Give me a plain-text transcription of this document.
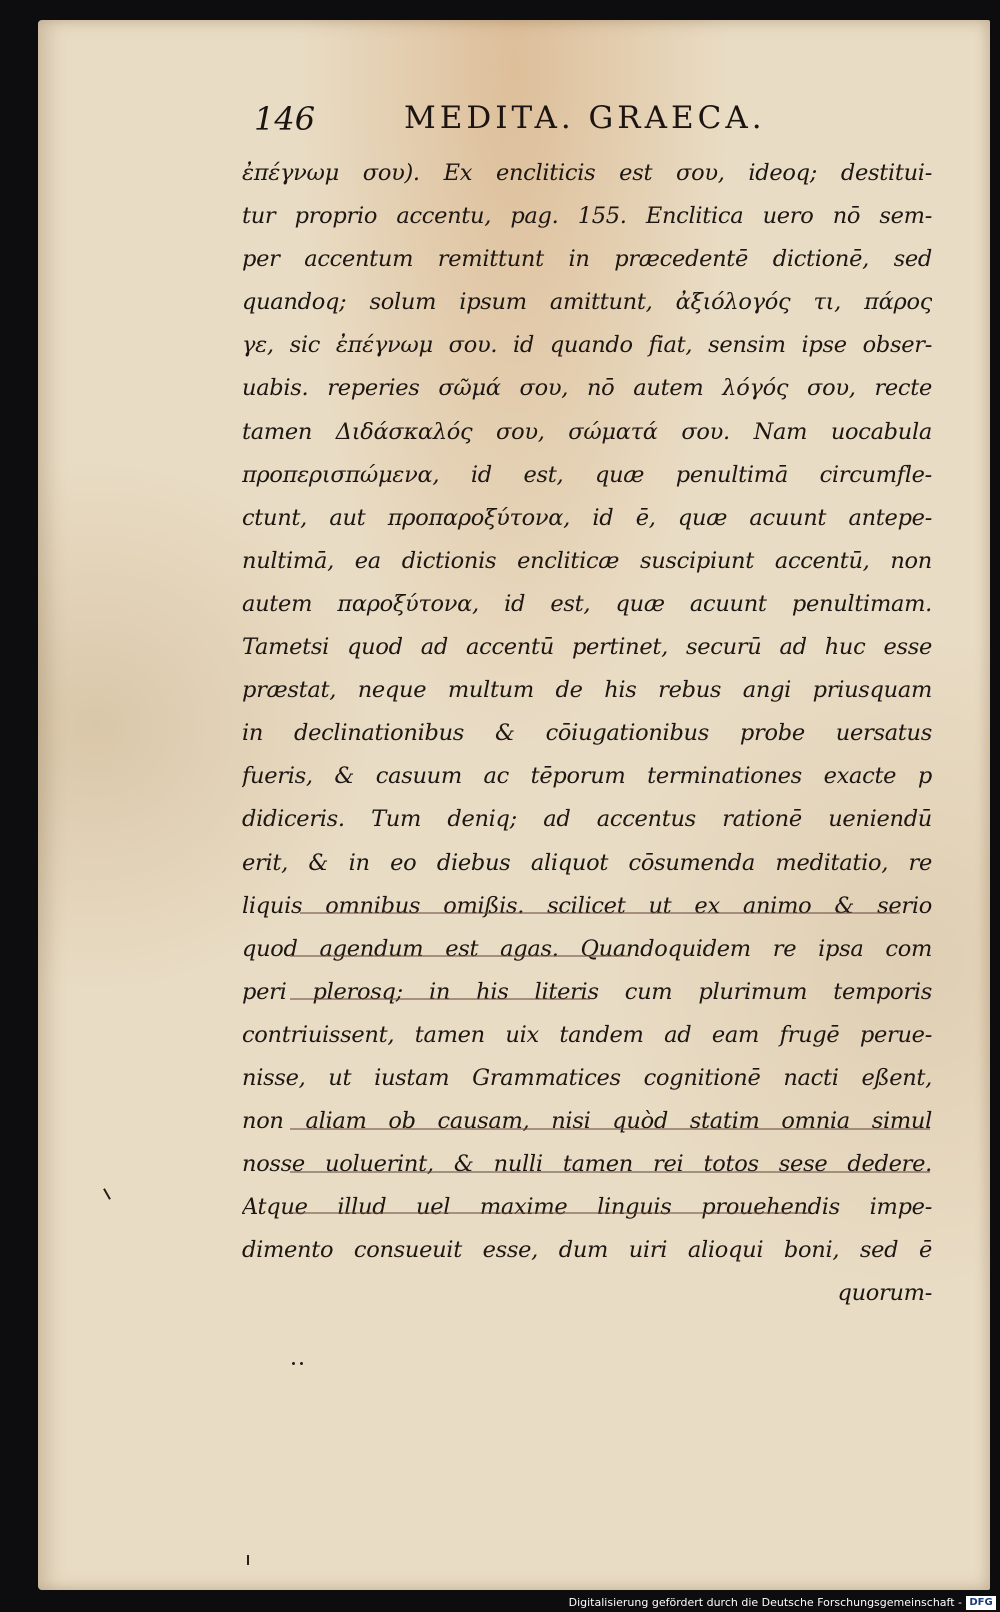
146	MEDITA. GRAECA.
ἐπέγνωμ σου). Ex encliticis est σου, ideoq; destitui-
tur proprio accentu, pag. 155. Enclitica uero nō sem-
per accentum remittunt in præcedentē dictionē, sed
quandoq; solum ipsum amittunt, ἀξιόλογός τι, πάρος
γε, sic ἐπέγνωμ σου. id quando fiat, sensim ipse obser-
uabis. reperies σῶμά σου, nō autem λόγός σου, recte
tamen Διδάσκαλός σου, σώματά σου. Nam uocabula
προπερισπώμενα, id est, quæ penultimā circumfle-
ctunt, aut προπαροξύτονα, id ē, quæ acuunt antepe-
nultimā, ea dictionis encliticæ suscipiunt accentū, non
autem παροξύτονα, id est, quæ acuunt penultimam.
Tametsi quod ad accentū pertinet, securū ad huc esse
præstat, neque multum de his rebus angi priusquam
in declinationibus & cōiugationibus probe uersatus
fueris, & casuum ac tēporum terminationes exacte p
didiceris. Tum deniq; ad accentus rationē ueniendū
erit, & in eo diebus aliquot cōsumenda meditatio, re
liquis omnibus omißis. scilicet ut ex animo & serio
quod agendum est agas. Quandoquidem re ipsa com
peri plerosq; in his literis cum plurimum temporis
contriuissent, tamen uix tandem ad eam frugē perue-
nisse, ut iustam Grammatices cognitionē nacti eßent,
non aliam ob causam, nisi quòd statim omnia simul
nosse uoluerint, & nulli tamen rei totos sese dedere.
Atque illud uel maxime linguis prouehendis impe-
dimento consueuit esse, dum uiri alioqui boni, sed ē
quorum-
Digitalisierung gefördert durch die Deutsche Forschungsgemeinschaft - DFG
